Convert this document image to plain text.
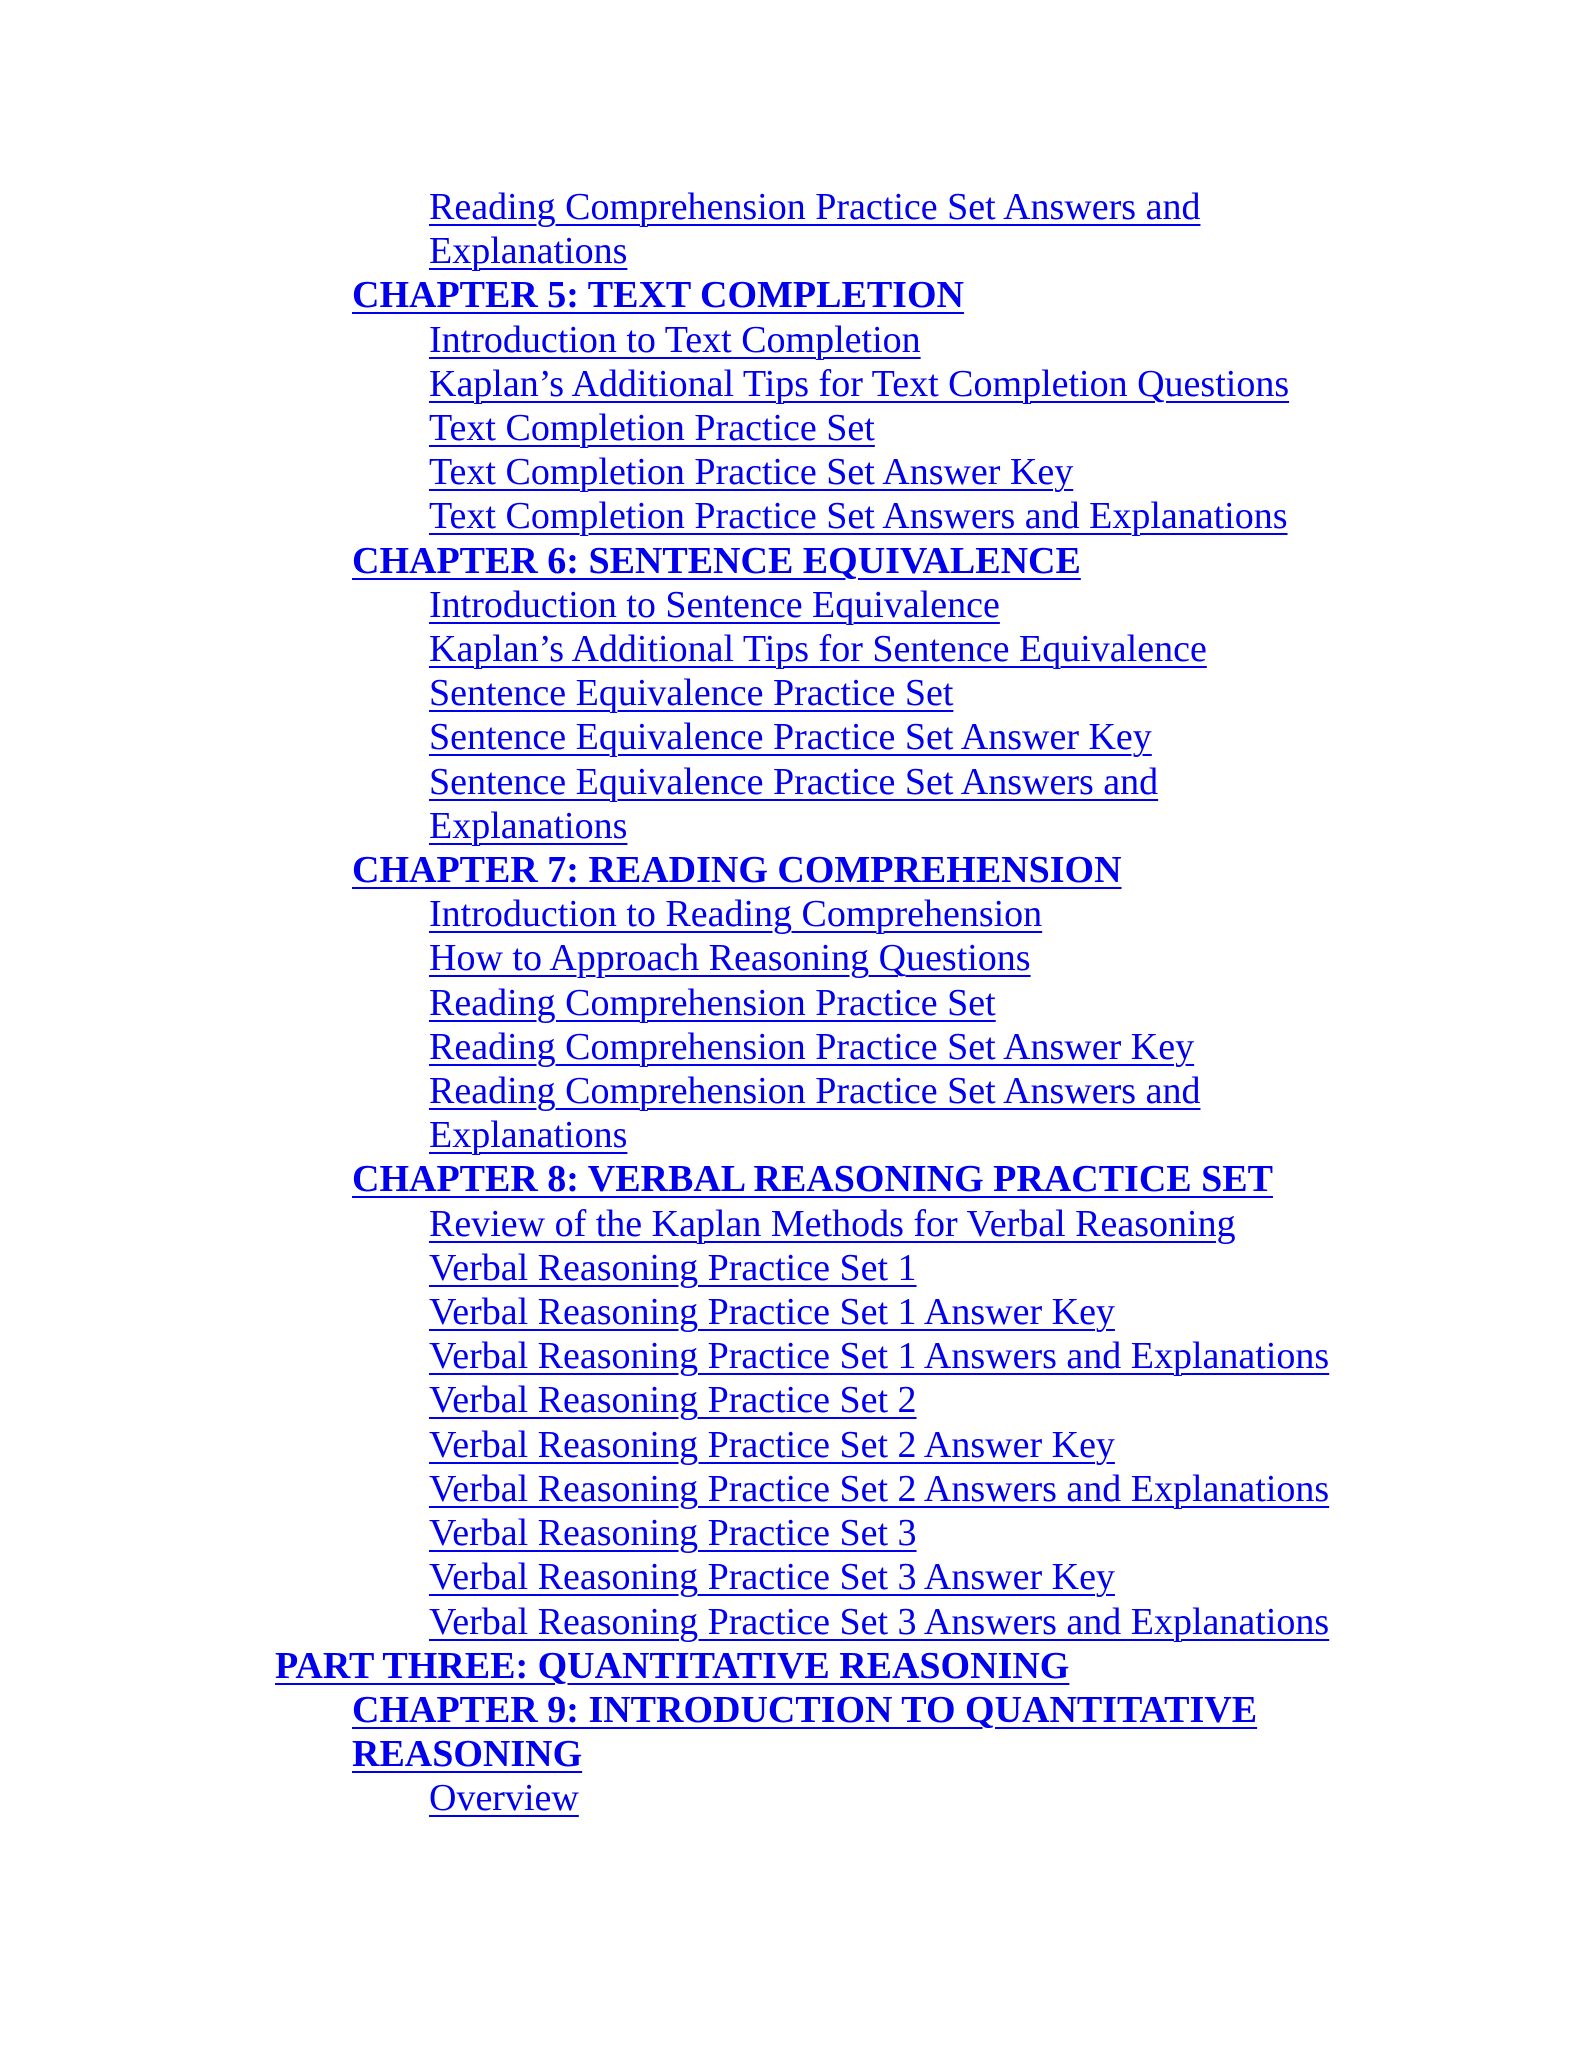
Reading Comprehension Practice Set Answers and
Explanations
CHAPTER 5: TEXT COMPLETION
Introduction to Text Completion
Kaplan’s Additional Tips for Text Completion Questions
Text Completion Practice Set
Text Completion Practice Set Answer Key
Text Completion Practice Set Answers and Explanations
CHAPTER 6: SENTENCE EQUIVALENCE
Introduction to Sentence Equivalence
Kaplan’s Additional Tips for Sentence Equivalence
Sentence Equivalence Practice Set
Sentence Equivalence Practice Set Answer Key
Sentence Equivalence Practice Set Answers and
Explanations
CHAPTER 7: READING COMPREHENSION
Introduction to Reading Comprehension
How to Approach Reasoning Questions
Reading Comprehension Practice Set
Reading Comprehension Practice Set Answer Key
Reading Comprehension Practice Set Answers and
Explanations
CHAPTER 8: VERBAL REASONING PRACTICE SET
Review of the Kaplan Methods for Verbal Reasoning
Verbal Reasoning Practice Set 1
Verbal Reasoning Practice Set 1 Answer Key
Verbal Reasoning Practice Set 1 Answers and Explanations
Verbal Reasoning Practice Set 2
Verbal Reasoning Practice Set 2 Answer Key
Verbal Reasoning Practice Set 2 Answers and Explanations
Verbal Reasoning Practice Set 3
Verbal Reasoning Practice Set 3 Answer Key
Verbal Reasoning Practice Set 3 Answers and Explanations
PART THREE: QUANTITATIVE REASONING
CHAPTER 9: INTRODUCTION TO QUANTITATIVE
REASONING
Overview
